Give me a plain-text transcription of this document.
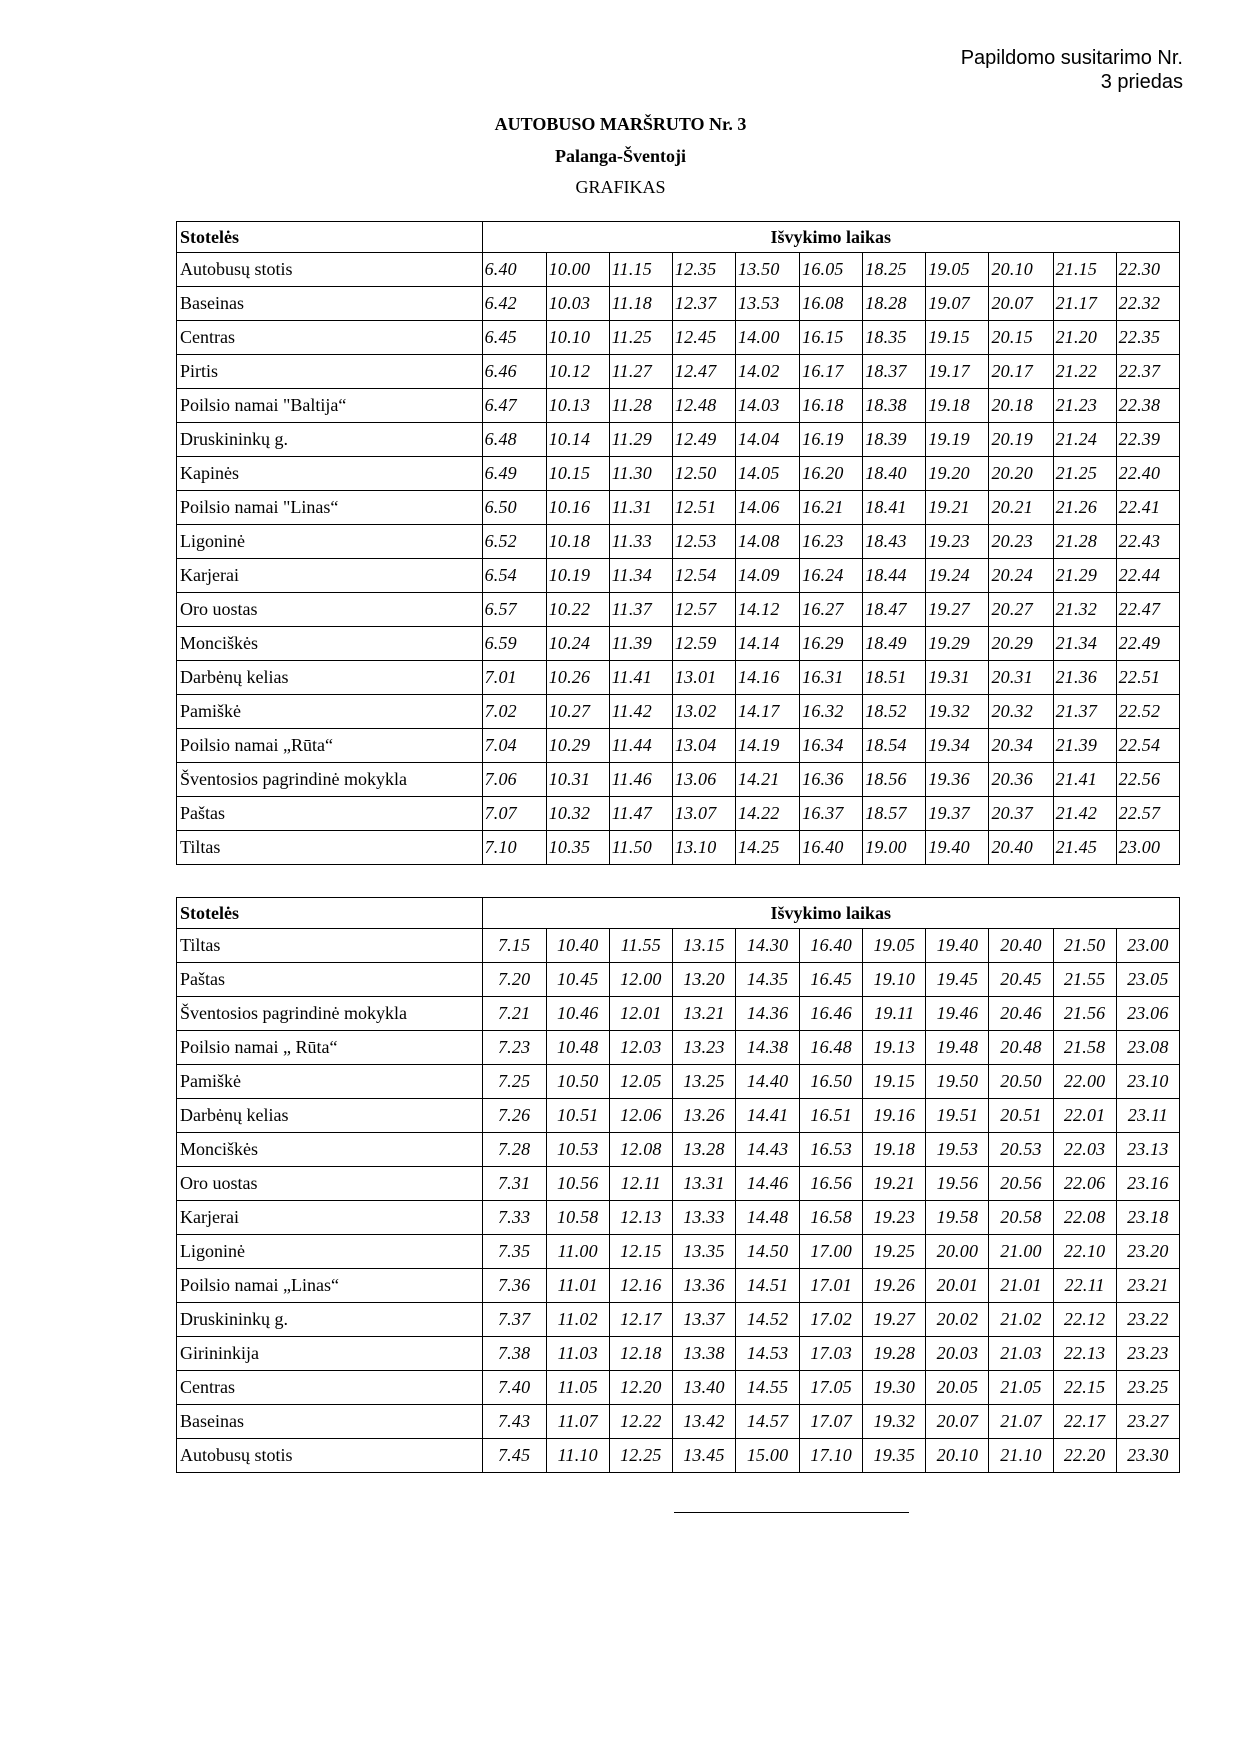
Papildomo susitarimo Nr.
3 priedas
AUTOBUSO MARŠRUTO Nr. 3
Palanga-Šventoji
GRAFIKAS
Stotelės	Išvykimo laikas										
Autobusų stotis	6.40	10.00	11.15	12.35	13.50	16.05	18.25	19.05	20.10	21.15	22.30
Baseinas	6.42	10.03	11.18	12.37	13.53	16.08	18.28	19.07	20.07	21.17	22.32
Centras	6.45	10.10	11.25	12.45	14.00	16.15	18.35	19.15	20.15	21.20	22.35
Pirtis	6.46	10.12	11.27	12.47	14.02	16.17	18.37	19.17	20.17	21.22	22.37
Poilsio namai "Baltija“	6.47	10.13	11.28	12.48	14.03	16.18	18.38	19.18	20.18	21.23	22.38
Druskininkų g.	6.48	10.14	11.29	12.49	14.04	16.19	18.39	19.19	20.19	21.24	22.39
Kapinės	6.49	10.15	11.30	12.50	14.05	16.20	18.40	19.20	20.20	21.25	22.40
Poilsio namai "Linas“	6.50	10.16	11.31	12.51	14.06	16.21	18.41	19.21	20.21	21.26	22.41
Ligoninė	6.52	10.18	11.33	12.53	14.08	16.23	18.43	19.23	20.23	21.28	22.43
Karjerai	6.54	10.19	11.34	12.54	14.09	16.24	18.44	19.24	20.24	21.29	22.44
Oro uostas	6.57	10.22	11.37	12.57	14.12	16.27	18.47	19.27	20.27	21.32	22.47
Monciškės	6.59	10.24	11.39	12.59	14.14	16.29	18.49	19.29	20.29	21.34	22.49
Darbėnų kelias	7.01	10.26	11.41	13.01	14.16	16.31	18.51	19.31	20.31	21.36	22.51
Pamiškė	7.02	10.27	11.42	13.02	14.17	16.32	18.52	19.32	20.32	21.37	22.52
Poilsio namai „Rūta“	7.04	10.29	11.44	13.04	14.19	16.34	18.54	19.34	20.34	21.39	22.54
Šventosios pagrindinė mokykla	7.06	10.31	11.46	13.06	14.21	16.36	18.56	19.36	20.36	21.41	22.56
Paštas	7.07	10.32	11.47	13.07	14.22	16.37	18.57	19.37	20.37	21.42	22.57
Tiltas	7.10	10.35	11.50	13.10	14.25	16.40	19.00	19.40	20.40	21.45	23.00
Stotelės	Išvykimo laikas										
Tiltas	7.15	10.40	11.55	13.15	14.30	16.40	19.05	19.40	20.40	21.50	23.00
Paštas	7.20	10.45	12.00	13.20	14.35	16.45	19.10	19.45	20.45	21.55	23.05
Šventosios pagrindinė mokykla	7.21	10.46	12.01	13.21	14.36	16.46	19.11	19.46	20.46	21.56	23.06
Poilsio namai „ Rūta“	7.23	10.48	12.03	13.23	14.38	16.48	19.13	19.48	20.48	21.58	23.08
Pamiškė	7.25	10.50	12.05	13.25	14.40	16.50	19.15	19.50	20.50	22.00	23.10
Darbėnų kelias	7.26	10.51	12.06	13.26	14.41	16.51	19.16	19.51	20.51	22.01	23.11
Monciškės	7.28	10.53	12.08	13.28	14.43	16.53	19.18	19.53	20.53	22.03	23.13
Oro uostas	7.31	10.56	12.11	13.31	14.46	16.56	19.21	19.56	20.56	22.06	23.16
Karjerai	7.33	10.58	12.13	13.33	14.48	16.58	19.23	19.58	20.58	22.08	23.18
Ligoninė	7.35	11.00	12.15	13.35	14.50	17.00	19.25	20.00	21.00	22.10	23.20
Poilsio namai „Linas“	7.36	11.01	12.16	13.36	14.51	17.01	19.26	20.01	21.01	22.11	23.21
Druskininkų g.	7.37	11.02	12.17	13.37	14.52	17.02	19.27	20.02	21.02	22.12	23.22
Girininkija	7.38	11.03	12.18	13.38	14.53	17.03	19.28	20.03	21.03	22.13	23.23
Centras	7.40	11.05	12.20	13.40	14.55	17.05	19.30	20.05	21.05	22.15	23.25
Baseinas	7.43	11.07	12.22	13.42	14.57	17.07	19.32	20.07	21.07	22.17	23.27
Autobusų stotis	7.45	11.10	12.25	13.45	15.00	17.10	19.35	20.10	21.10	22.20	23.30
